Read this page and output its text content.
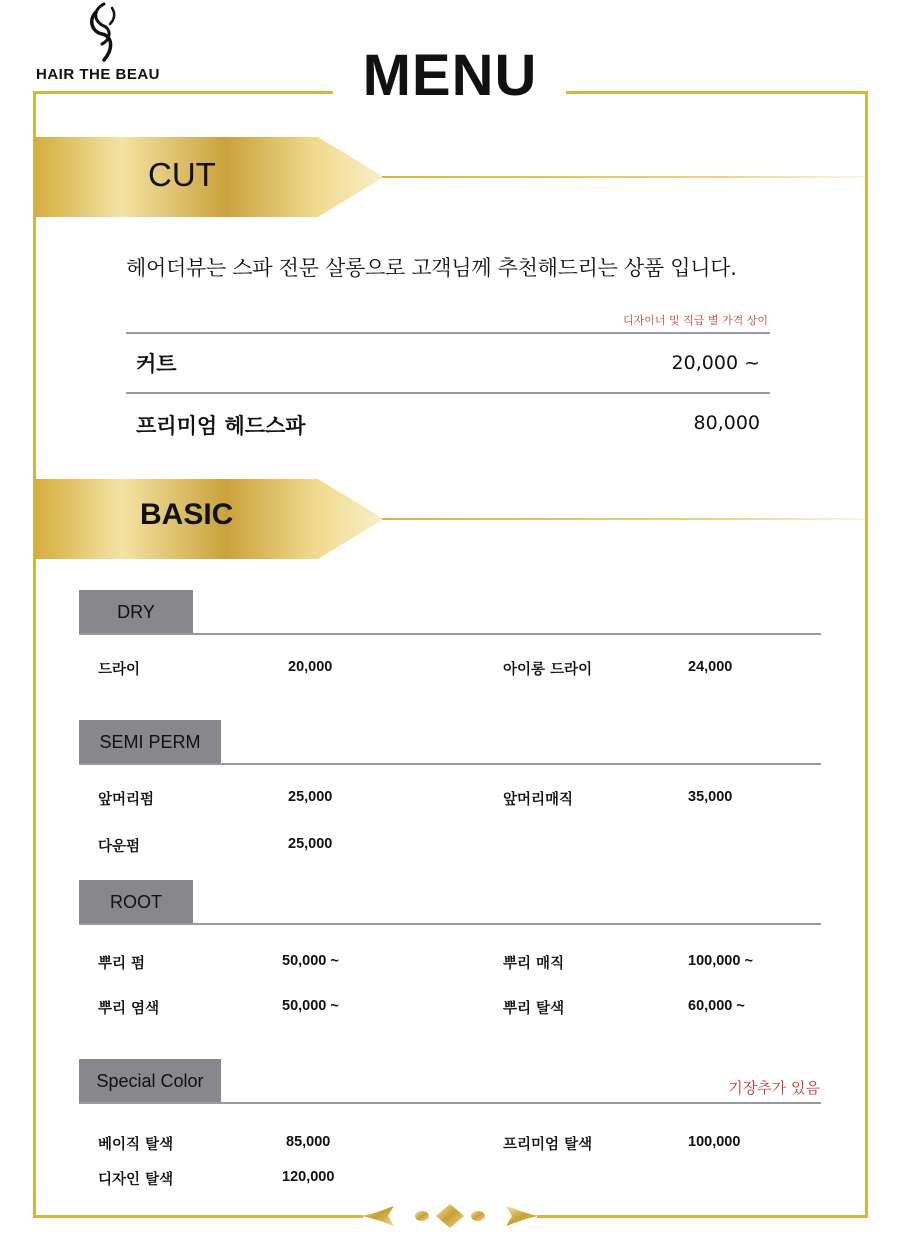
HAIR THE BEAU	MENU
CUT
헤어더뷰는 스파 전문 살롱으로 고객님께 추천해드리는 상품 입니다.
디자이너 및 직급 별 가격 상이
커트	20,000 ~
프리미엄 헤드스파	80,000
BASIC
DRY
드라이	20,000	아이롱 드라이	24,000
SEMI PERM
앞머리펌	25,000	앞머리매직	35,000
다운펌	25,000
ROOT
뿌리 펌	50,000 ~	뿌리 매직	100,000 ~
뿌리 염색	50,000 ~	뿌리 탈색	60,000 ~
Special Color	기장추가 있음
베이직 탈색	85,000	프리미엄 탈색	100,000
디자인 탈색	120,000
